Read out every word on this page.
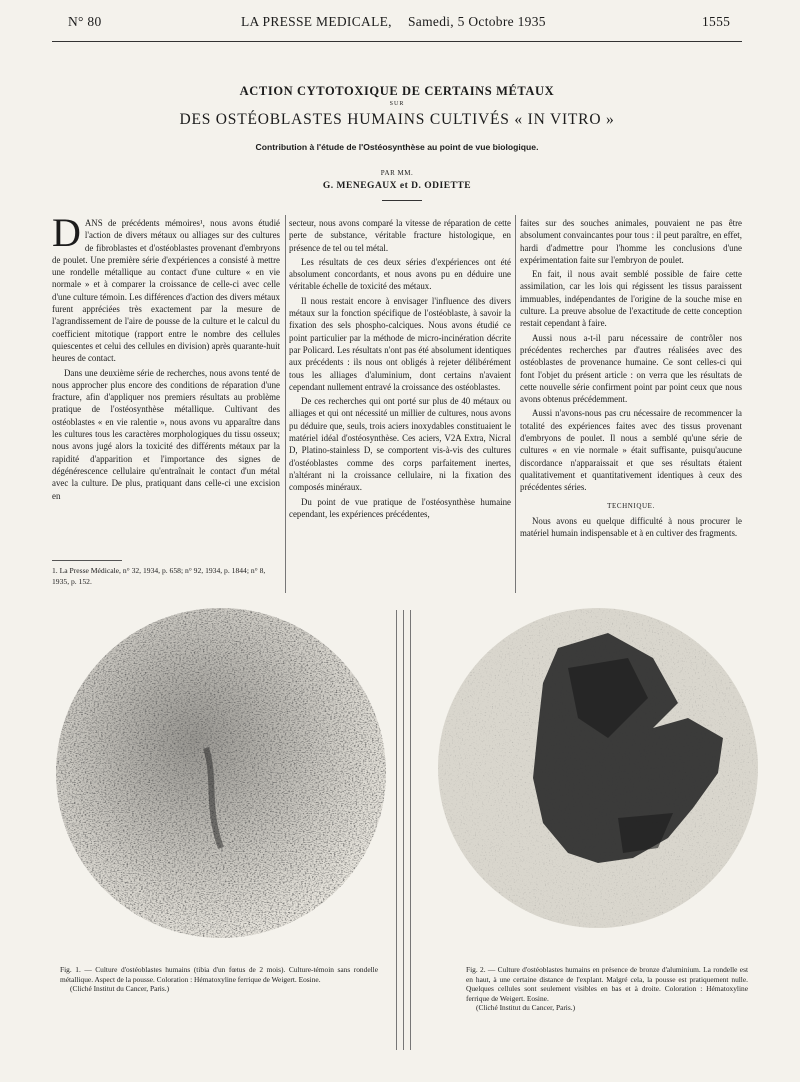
N° 80	LA PRESSE MEDICALE, Samedi, 5 Octobre 1935	1555
ACTION CYTOTOXIQUE DE CERTAINS MÉTAUX
SUR
DES OSTÉOBLASTES HUMAINS CULTIVÉS « IN VITRO »
Contribution à l'étude de l'Ostéosynthèse au point de vue biologique.
PAR MM.
G. MENEGAUX et D. ODIETTE

DANS de précédents mémoires¹, nous avons étudié l'action de divers métaux ou alliages sur des cultures de fibroblastes et d'ostéoblastes provenant d'embryons de poulet. Une première série d'expériences a consisté à mettre une rondelle métallique au contact d'une culture « en vie normale » et à comparer la croissance de celle-ci avec celle d'une culture témoin. Les différences d'action des divers métaux furent appréciées très exactement par la mesure de l'agrandissement de l'aire de pousse de la culture et le calcul du coefficient mitotique (rapport entre le nombre des cellules quiescentes et celui des cellules en division) après quarante-huit heures de contact.

Dans une deuxième série de recherches, nous avons tenté de nous approcher plus encore des conditions de réparation d'une fracture, afin d'appliquer nos premiers résultats au problème pratique de l'ostéosynthèse métallique. Cultivant des ostéoblastes « en vie ralentie », nous avons vu apparaître dans les cultures tous les caractères morphologiques du tissu osseux; nous avons jugé alors la toxicité des différents métaux par la rapidité d'apparition et l'importance des signes de dégénérescence cellulaire qu'entraînait le contact d'un métal avec la culture. De plus, pratiquant dans celle-ci une excision en

1. La Presse Médicale, n° 32, 1934, p. 658; n° 92, 1934, p. 1844; n° 8, 1935, p. 152.

secteur, nous avons comparé la vitesse de réparation de cette perte de substance, véritable fracture histologique, en présence de tel ou tel métal.

Les résultats de ces deux séries d'expériences ont été absolument concordants, et nous avons pu en déduire une véritable échelle de toxicité des métaux.

Il nous restait encore à envisager l'influence des divers métaux sur la fonction spécifique de l'ostéoblaste, à savoir la fixation des sels phospho-calciques. Nous avons étudié ce point particulier par la méthode de micro-incinération décrite par Policard. Les résultats n'ont pas été absolument identiques aux précédents : ils nous ont obligés à rejeter délibérément tous les alliages d'aluminium, dont certains n'avaient cependant nullement entravé la croissance des ostéoblastes.

De ces recherches qui ont porté sur plus de 40 métaux ou alliages et qui ont nécessité un millier de cultures, nous avons pu déduire que, seuls, trois aciers inoxydables constituaient le matériel idéal d'ostéosynthèse. Ces aciers, V2A Extra, Nicral D, Platino-stainless D, se comportent vis-à-vis des cultures d'ostéoblastes comme des corps parfaitement inertes, n'altérant ni la croissance cellulaire, ni la fixation des composés minéraux.

Du point de vue pratique de l'ostéosynthèse humaine cependant, les expériences précédentes,

faites sur des souches animales, pouvaient ne pas être absolument convaincantes pour tous : il peut paraître, en effet, hardi d'admettre pour l'homme les conclusions d'une expérimentation faite sur l'embryon de poulet.

En fait, il nous avait semblé possible de faire cette assimilation, car les lois qui régissent les tissus paraissent immuables, indépendantes de l'origine de la souche mise en culture. La preuve absolue de l'exactitude de cette conception restait cependant à faire.

Aussi nous a-t-il paru nécessaire de contrôler nos précédentes recherches par d'autres réalisées avec des ostéoblastes de provenance humaine. Ce sont celles-ci qui font l'objet du présent article : on verra que les résultats de cette nouvelle série confirment point par point ceux que nous avons obtenus précédemment.

Aussi n'avons-nous pas cru nécessaire de recommencer la totalité des expériences faites avec des tissus provenant d'embryons de poulet. Il nous a semblé qu'une série de cultures « en vie normale » était suffisante, puisqu'aucune discordance n'apparaissait et que ses résultats étaient qualitativement et quantitativement identiques à ceux des précédentes séries.

TECHNIQUE.

Nous avons eu quelque difficulté à nous procurer le matériel humain indispensable et à en cultiver des fragments.

Fig. 1. — Culture d'ostéoblastes humains (tibia d'un fœtus de 2 mois). Culture-témoin sans rondelle métallique. Aspect de la pousse. Coloration : Hématoxyline ferrique de Weigert. Eosine.

(Cliché Institut du Cancer, Paris.)

Fig. 2. — Culture d'ostéoblastes humains en présence de bronze d'aluminium. La rondelle est en haut, à une certaine distance de l'explant. Malgré cela, la pousse est pratiquement nulle. Quelques cellules sont seulement visibles en bas et à droite. Coloration : Hématoxyline ferrique de Weigert. Eosine.

(Cliché Institut du Cancer, Paris.)
